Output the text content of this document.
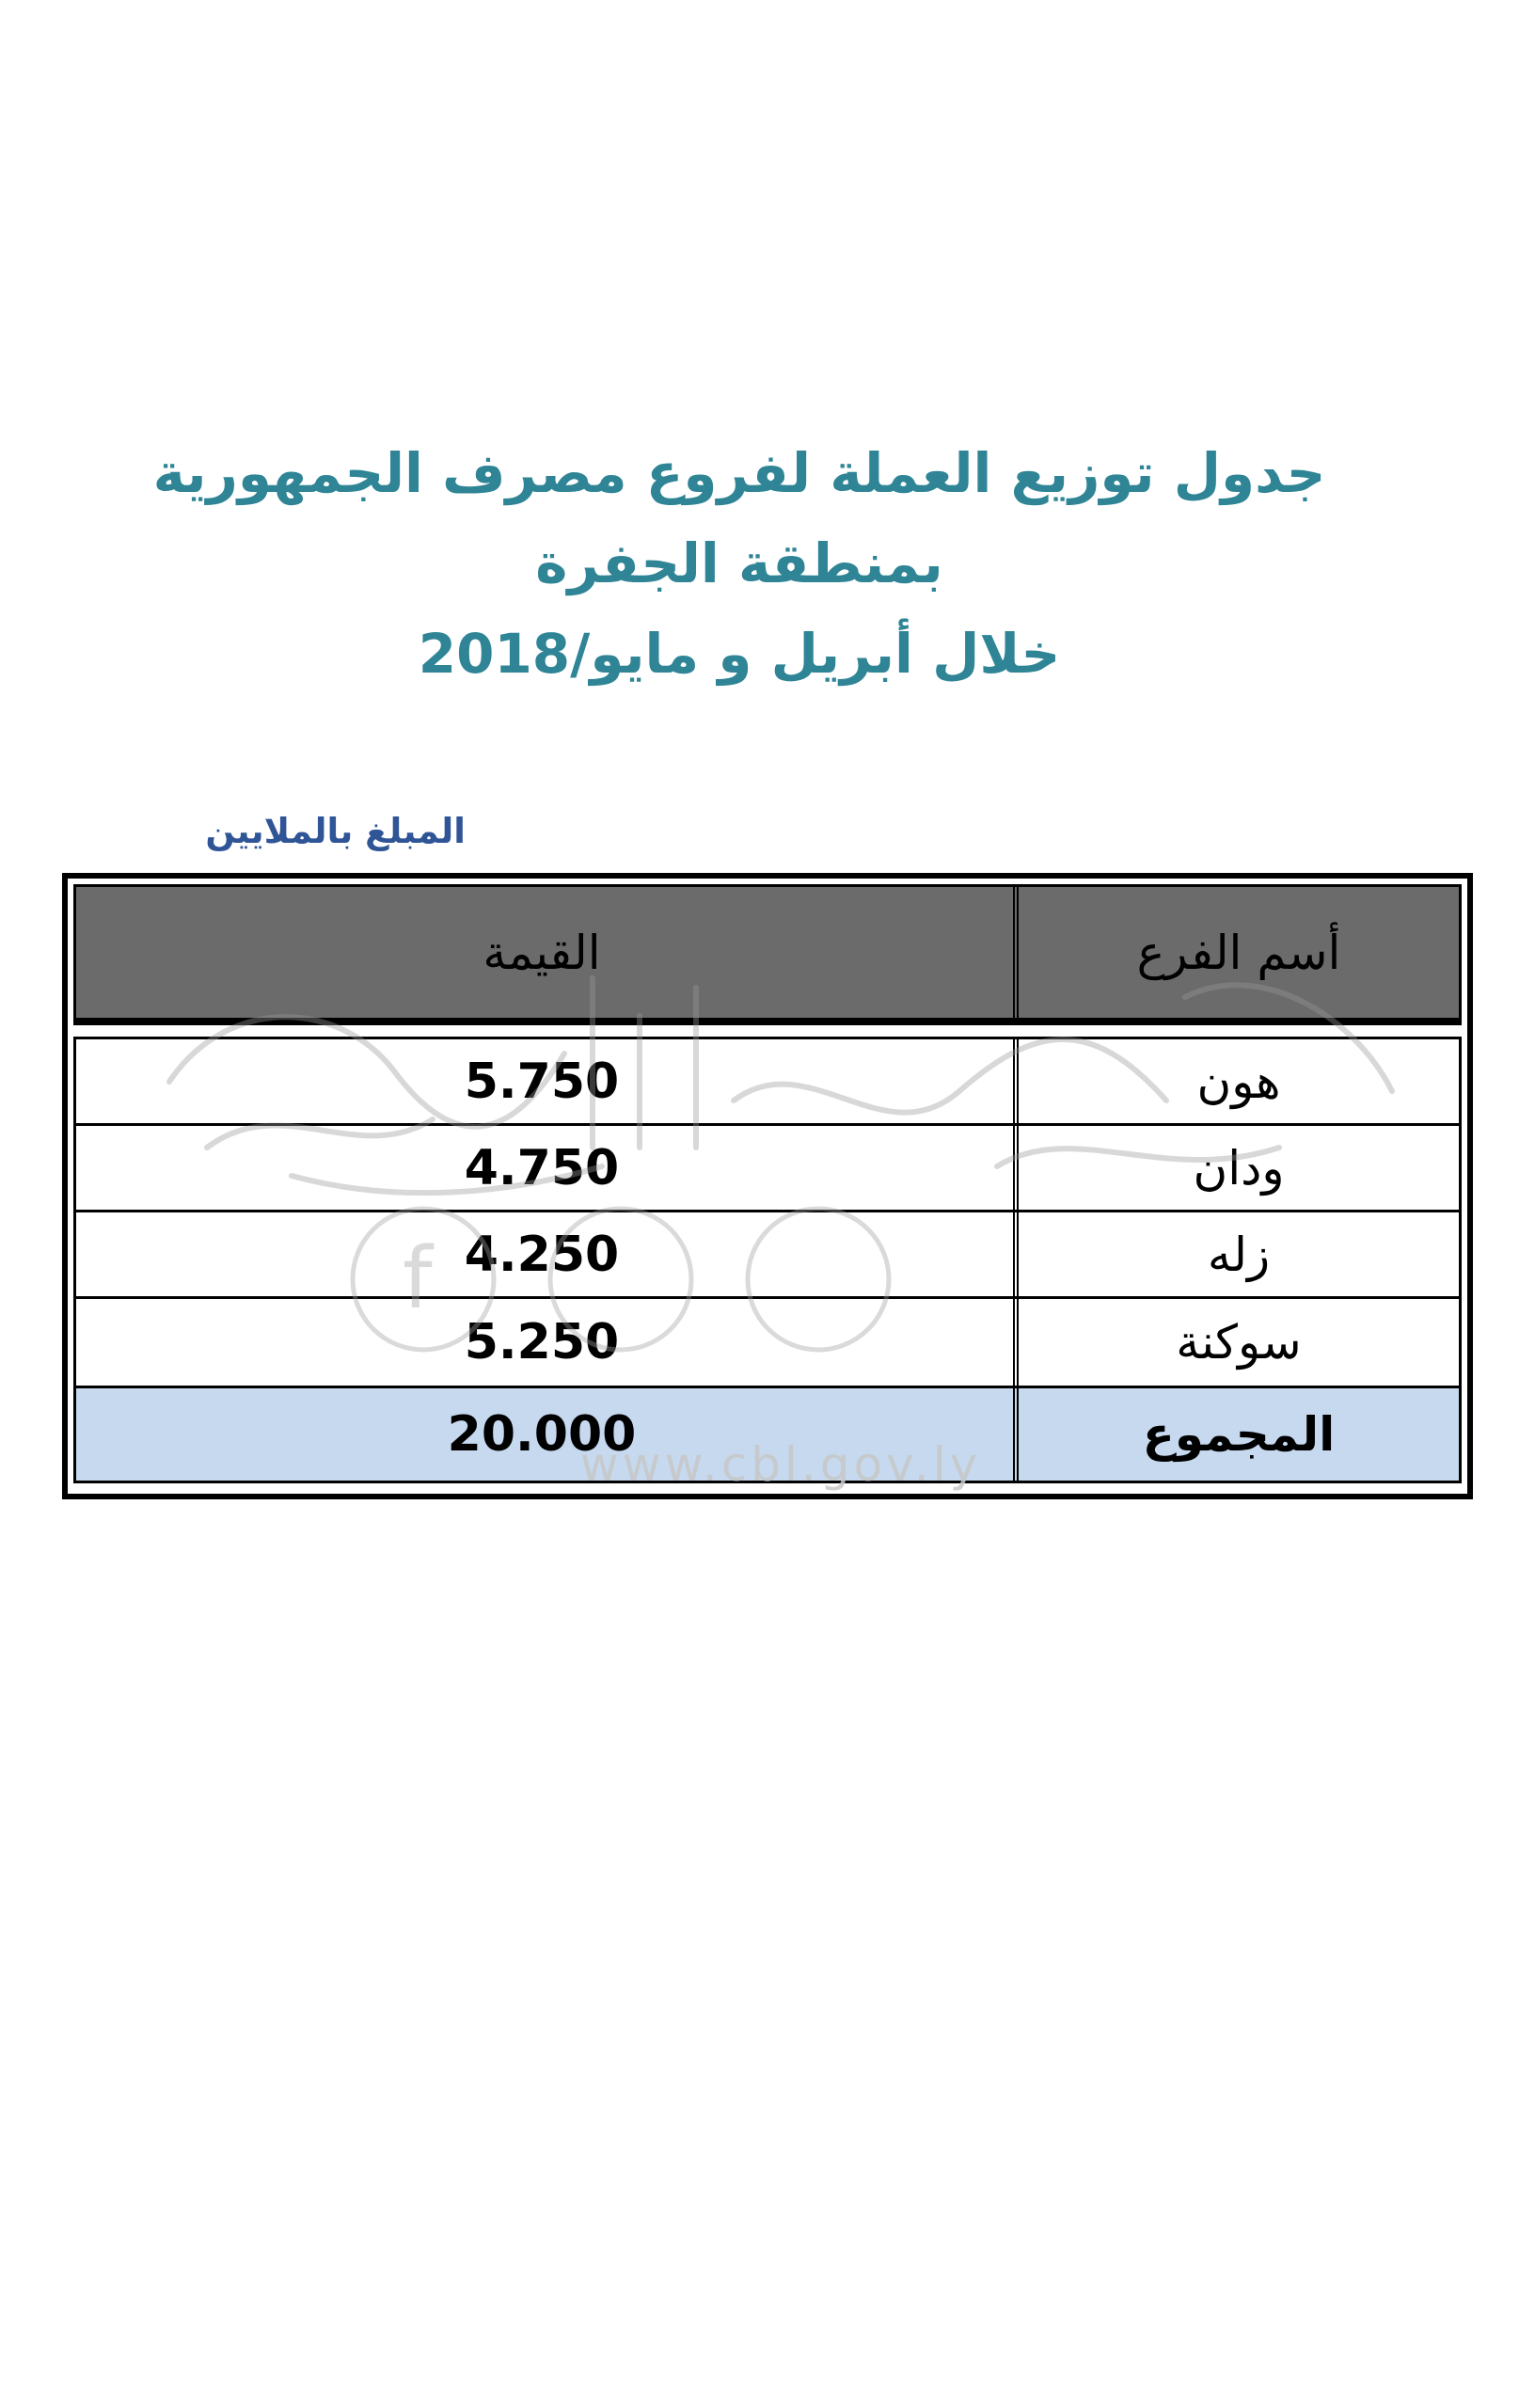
جدول توزيع العملة لفروع مصرف الجمهورية
بمنطقة الجفرة
خلال أبريل و مايو/2018
المبلغ بالملايين
القيمة	أسم الفرع
5.750	هون
4.750	ودان
4.250	زله
5.250	سوكنة
20.000	المجموع
f
www.cbl.gov.ly
